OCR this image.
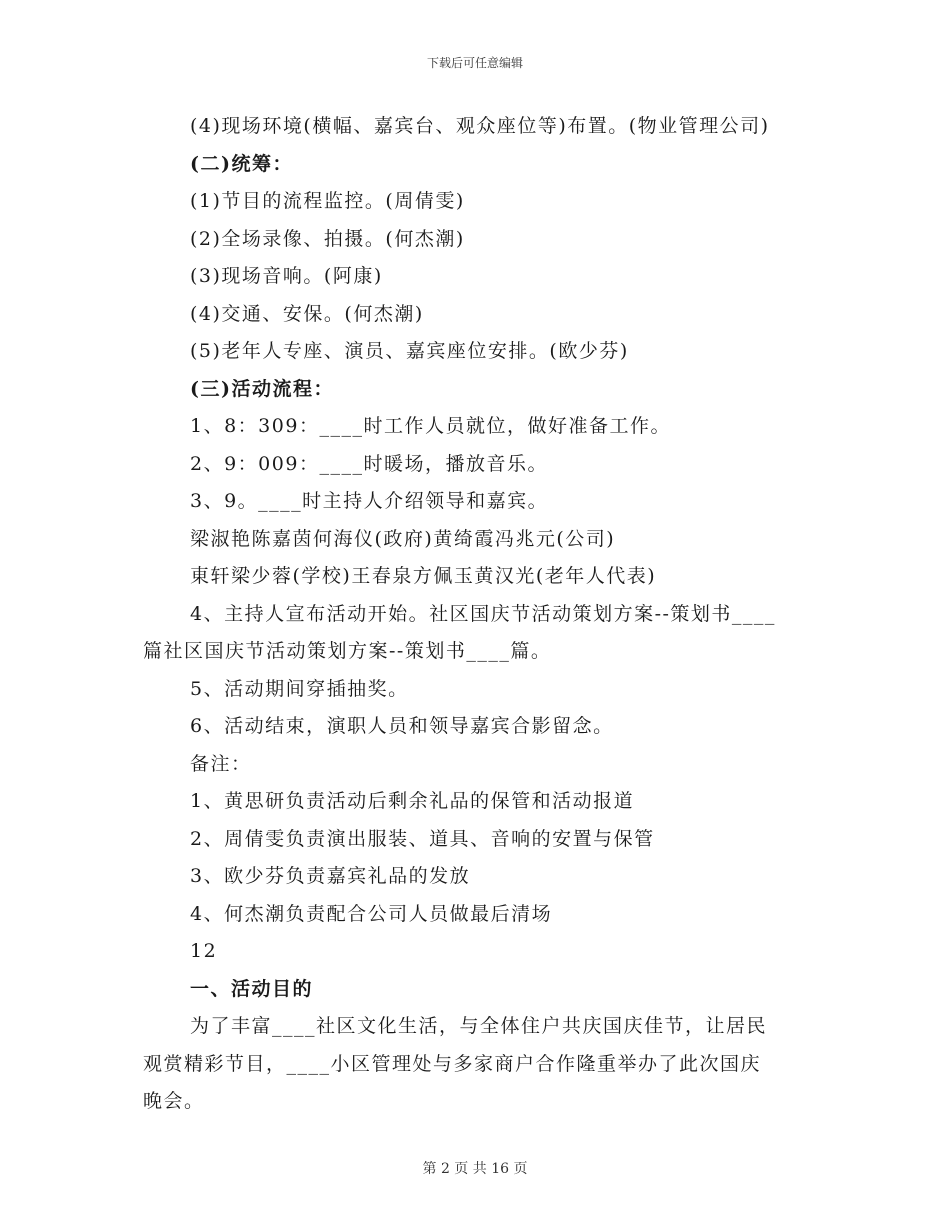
下载后可任意编辑
(4)现场环境(横幅、嘉宾台、观众座位等)布置。(物业管理公司)
(二)统筹：
(1)节目的流程监控。(周倩雯)
(2)全场录像、拍摄。(何杰潮)
(3)现场音响。(阿康)
(4)交通、安保。(何杰潮)
(5)老年人专座、演员、嘉宾座位安排。(欧少芬)
(三)活动流程：
1、8：309：____时工作人员就位，做好准备工作。
2、9：009：____时暖场，播放音乐。
3、9。____时主持人介绍领导和嘉宾。
梁淑艳陈嘉茵何海仪(政府)黄绮霞冯兆元(公司)
東轩梁少蓉(学校)王春泉方佩玉黄汉光(老年人代表)
4、主持人宣布活动开始。社区国庆节活动策划方案--策划书____
篇社区国庆节活动策划方案--策划书____篇。
5、活动期间穿插抽奖。
6、活动结束，演职人员和领导嘉宾合影留念。
备注：
1、黄思研负责活动后剩余礼品的保管和活动报道
2、周倩雯负责演出服装、道具、音响的安置与保管
3、欧少芬负责嘉宾礼品的发放
4、何杰潮负责配合公司人员做最后清场
12
一、活动目的
为了丰富____社区文化生活，与全体住户共庆国庆佳节，让居民
观赏精彩节目，____小区管理处与多家商户合作隆重举办了此次国庆
晚会。
第 2 页 共 16 页
